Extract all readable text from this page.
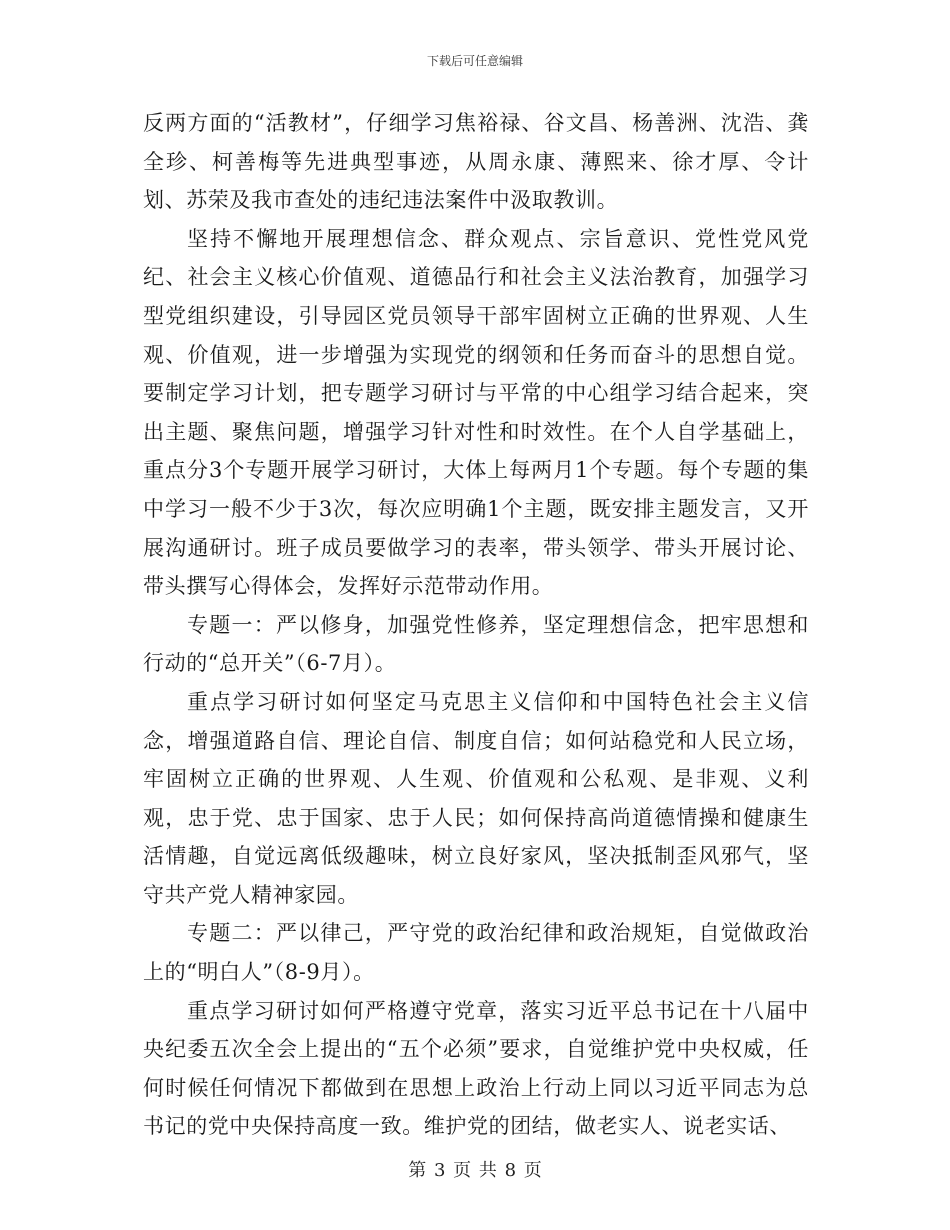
下载后可任意编辑

反两方面的“活教材”，仔细学习焦裕禄、谷文昌、杨善洲、沈浩、龚全珍、柯善梅等先进典型事迹，从周永康、薄熙来、徐才厚、令计划、苏荣及我市查处的违纪违法案件中汲取教训。

坚持不懈地开展理想信念、群众观点、宗旨意识、党性党风党纪、社会主义核心价值观、道德品行和社会主义法治教育，加强学习型党组织建设，引导园区党员领导干部牢固树立正确的世界观、人生观、价值观，进一步增强为实现党的纲领和任务而奋斗的思想自觉。要制定学习计划，把专题学习研讨与平常的中心组学习结合起来，突出主题、聚焦问题，增强学习针对性和时效性。在个人自学基础上，重点分3个专题开展学习研讨，大体上每两月1个专题。每个专题的集中学习一般不少于3次，每次应明确1个主题，既安排主题发言，又开展沟通研讨。班子成员要做学习的表率，带头领学、带头开展讨论、带头撰写心得体会，发挥好示范带动作用。

专题一：严以修身，加强党性修养，坚定理想信念，把牢思想和行动的“总开关”（6-7月）。

重点学习研讨如何坚定马克思主义信仰和中国特色社会主义信念，增强道路自信、理论自信、制度自信；如何站稳党和人民立场，牢固树立正确的世界观、人生观、价值观和公私观、是非观、义利观，忠于党、忠于国家、忠于人民；如何保持高尚道德情操和健康生活情趣，自觉远离低级趣味，树立良好家风，坚决抵制歪风邪气，坚守共产党人精神家园。

专题二：严以律己，严守党的政治纪律和政治规矩，自觉做政治上的“明白人”（8-9月）。

重点学习研讨如何严格遵守党章，落实习近平总书记在十八届中央纪委五次全会上提出的“五个必须”要求，自觉维护党中央权威，任何时候任何情况下都做到在思想上政治上行动上同以习近平同志为总书记的党中央保持高度一致。维护党的团结，做老实人、说老实话、

第 3 页 共 8 页
